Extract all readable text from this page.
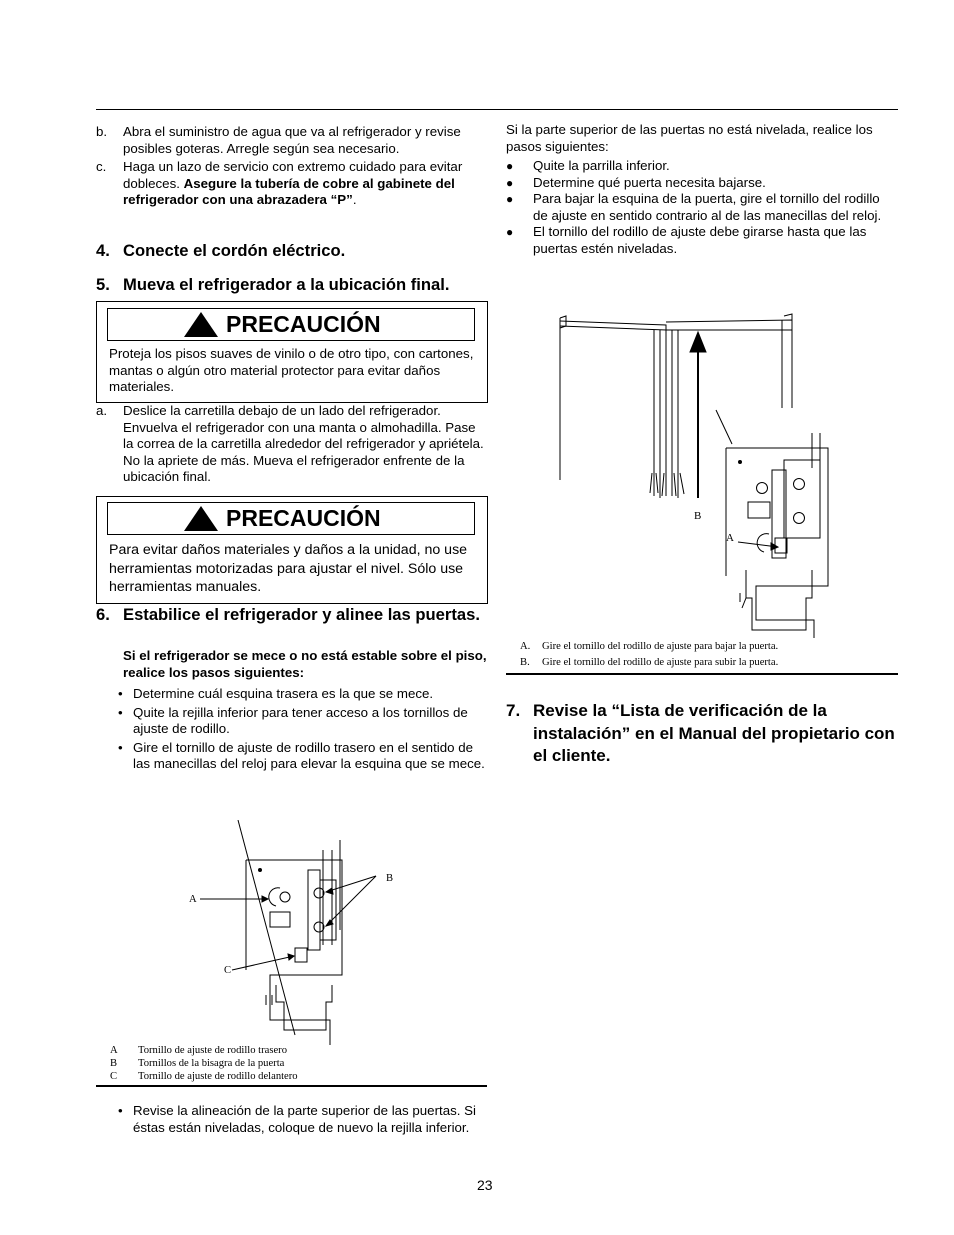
b. Abra el suministro de agua que va al refrigerador y revise posibles goteras. Arregle según sea necesario.
c. Haga un lazo de servicio con extremo cuidado para evitar dobleces. Asegure la tubería de cobre al gabinete del refrigerador con una abrazadera “P”.
4. Conecte el cordón eléctrico.
5. Mueva el refrigerador a la ubicación final.
PRECAUCIÓN
Proteja los pisos suaves de vinilo o de otro tipo, con cartones, mantas o algún otro material protector para evitar daños materiales.
a. Deslice la carretilla debajo de un lado del refrigerador. Envuelva el refrigerador con una manta o almohadilla. Pase la correa de la carretilla alrededor del refrigerador y apriétela. No la apriete de más. Mueva el refrigerador enfrente de la ubicación final.
PRECAUCIÓN
Para evitar daños materiales y daños a la unidad, no use herramientas motorizadas para ajustar el nivel. Sólo use herramientas manuales.
6. Estabilice el refrigerador y alinee las puertas.
Si el refrigerador se mece o no está estable sobre el piso, realice los pasos siguientes:
• Determine cuál esquina trasera es la que se mece.
• Quite la rejilla inferior para tener acceso a los tornillos de ajuste de rodillo.
• Gire el tornillo de ajuste de rodillo trasero en el sentido de las manecillas del reloj para elevar la esquina que se mece.
A
B
C
A Tornillo de ajuste de rodillo trasero
B Tornillos de la bisagra de la puerta
C Tornillo de ajuste de rodillo delantero
• Revise la alineación de la parte superior de las puertas. Si éstas están niveladas, coloque de nuevo la rejilla inferior.
Si la parte superior de las puertas no está nivelada, realice los pasos siguientes:
● Quite la parrilla inferior.
● Determine qué puerta necesita bajarse.
● Para bajar la esquina de la puerta, gire el tornillo del rodillo de ajuste en sentido contrario al de las manecillas del reloj.
● El tornillo del rodillo de ajuste debe girarse hasta que las puertas estén niveladas.
B
A
A. Gire el tornillo del rodillo de ajuste para bajar la puerta.
B. Gire el tornillo del rodillo de ajuste para subir la puerta.
7. Revise la “Lista de verificación de la instalación” en el Manual del propietario con el cliente.
23
